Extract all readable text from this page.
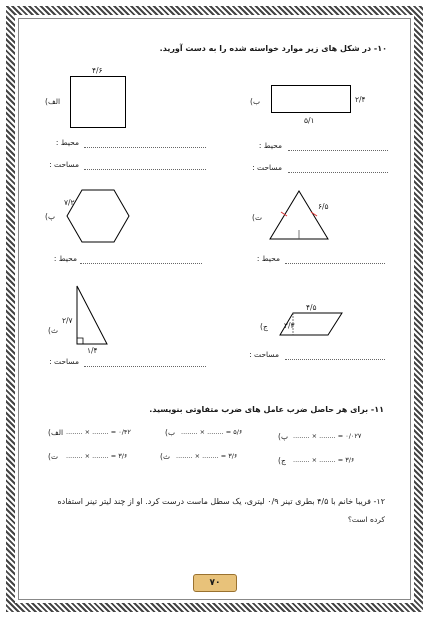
۱۰- در شکل های زیر موارد خواسته شده را به دست آورید.
۴/۶
(الف	(ب	۲/۴
۵/۱
محیط :
مساحت :
محیط :
مساحت :
۷/۲
(پ
۶/۵
(ت
محیط :	محیط :
۲/۷
۱/۴
(ث
۴/۵
۲/۳
(ج
مساحت :
مساحت :
۱۱- برای هر حاصل ضرب عامل های ضرب متفاوتی بنویسید.
(الف ........ × ........ = ۰/۴۲	(ب ........ × ........ = ۵/۶	(پ ........ × ........ = ۰/۰۲۷
(ت ........ × ........ = ۳/۶	(ث ........ × ........ = ۳/۶	(ج ........ × ........ = ۳/۶
۱۲- فریبا خانم با ۴/۵ بطری تینر ۰/۹ لیتری، یک سطل ماست درست کرد. او از چند لیتر تینر استفاده
کرده است؟
۷۰
